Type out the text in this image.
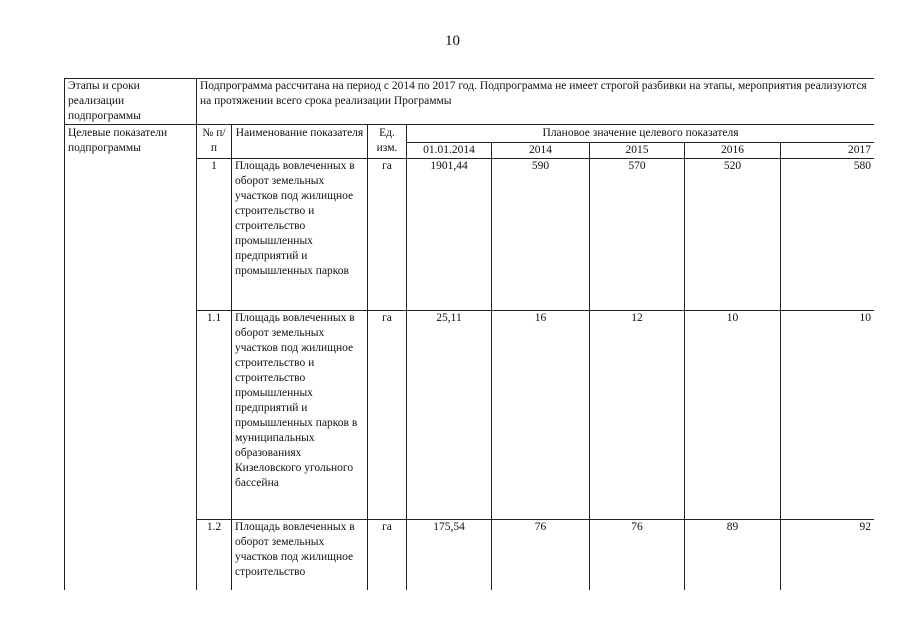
10
Этапы и сроки реализации подпрограммы	Подпрограмма рассчитана на период с 2014 по 2017 год. Подпрограмма не имеет строгой разбивки на этапы, мероприятия реализуются на протяжении всего срока реализации Программы							
Целевые показатели подпрограммы	№ п/п	Наименование показателя	Ед. изм.	Плановое значение целевого показателя				
				01.01.2014	2014	2015	2016	2017
	1	Площадь вовлеченных в оборот земельных участков под жилищное строительство и строительство промышленных предприятий и промышленных парков	га	1901,44	590	570	520	580
	1.1	Площадь вовлеченных в оборот земельных участков под жилищное строительство и строительство промышленных предприятий и промышленных парков в муниципальных образованиях Кизеловского угольного бассейна	га	25,11	16	12	10	10
	1.2	Площадь вовлеченных в оборот земельных участков под жилищное строительство	га	175,54	76	76	89	92
